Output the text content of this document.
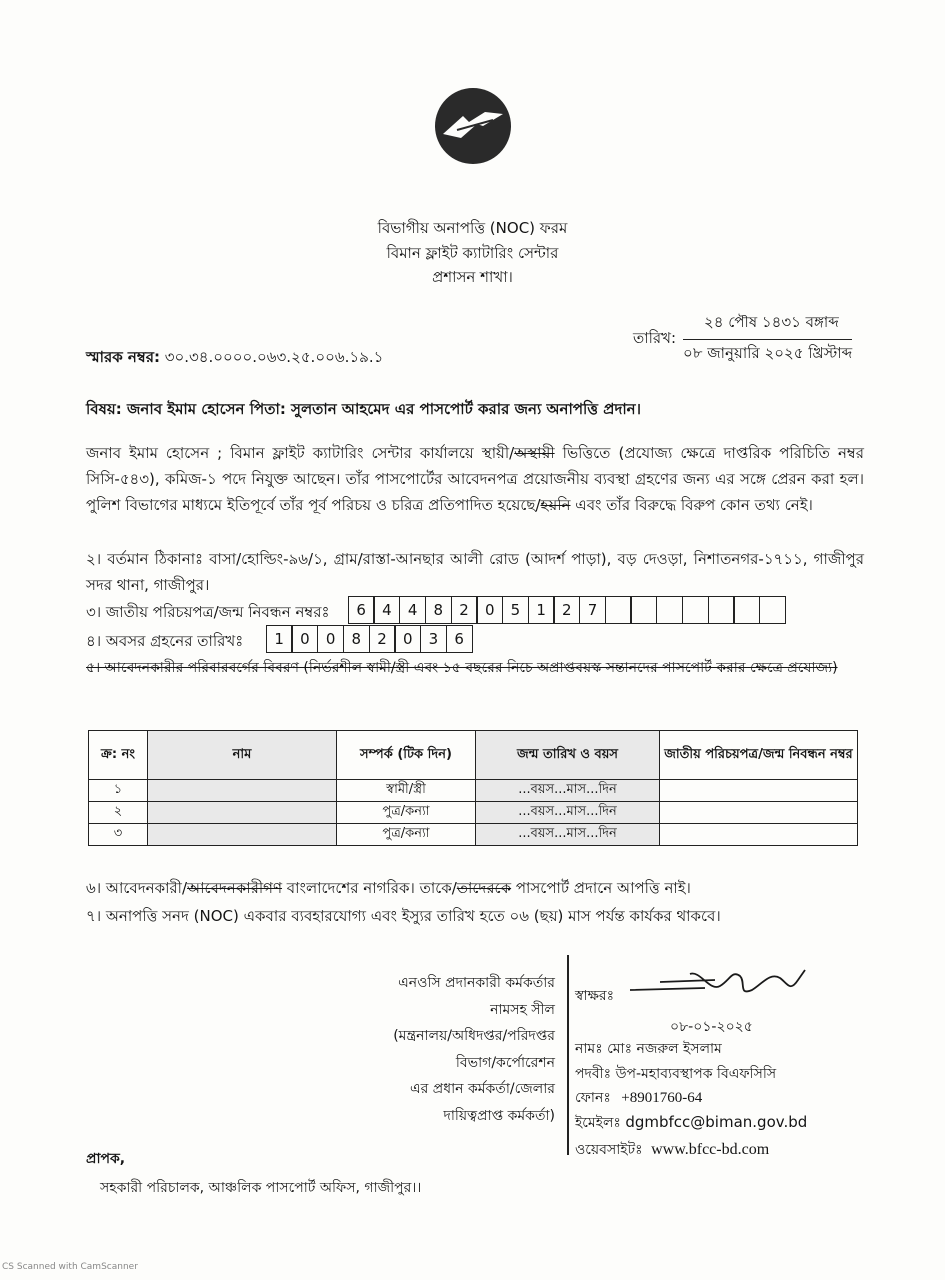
বিভাগীয় অনাপত্তি (NOC) ফরম
বিমান ফ্লাইট ক্যাটারিং সেন্টার
প্রশাসন শাখা।
২৪ পৌষ ১৪৩১ বঙ্গাব্দ
তারিখ:
০৮ জানুয়ারি ২০২৫ খ্রিস্টাব্দ
স্মারক নম্বর: ৩০.৩৪.০০০০.০৬৩.২৫.০০৬.১৯.১
বিষয়: জনাব ইমাম হোসেন পিতা: সুলতান আহমেদ এর পাসপোর্ট করার জন্য অনাপত্তি প্রদান।
জনাব ইমাম হোসেন ; বিমান ফ্লাইট ক্যাটারিং সেন্টার কার্যালয়ে স্থায়ী/অস্থায়ী ভিত্তিতে (প্রযোজ্য ক্ষেত্রে দাপ্তরিক পরিচিতি নম্বর সিসি-৫৪৩), কমিজ-১ পদে নিযুক্ত আছেন। তাঁর পাসপোর্টের আবেদনপত্র প্রয়োজনীয় ব্যবস্থা গ্রহণের জন্য এর সঙ্গে প্রেরন করা হল। পুলিশ বিভাগের মাধ্যমে ইতিপূর্বে তাঁর পূর্ব পরিচয় ও চরিত্র প্রতিপাদিত হয়েছে/হয়নি এবং তাঁর বিরুদ্ধে বিরুপ কোন তথ্য নেই।
২। বর্তমান ঠিকানাঃ বাসা/হোল্ডিং-৯৬/১, গ্রাম/রাস্তা-আনছার আলী রোড (আদর্শ পাড়া), বড় দেওড়া, নিশাতনগর-১৭১১, গাজীপুর সদর থানা, গাজীপুর।
৩। জাতীয় পরিচয়পত্র/জন্ম নিবন্ধন নম্বরঃ	6	4	4	8	2	0	5	1	2	7
৪। অবসর গ্রহনের তারিখঃ	1	0	0	8	2	0	3	6
৫। আবেদনকারীর পরিবারবর্গের বিবরণ (নির্ভরশীল স্বামী/স্ত্রী এবং ১৫ বছরের নিচে অপ্রাপ্তবয়স্ক সন্তানদের পাসপোর্ট করার ক্ষেত্রে প্রযোজ্য)
ক্র: নং	নাম	সম্পর্ক (টিক দিন)	জন্ম তারিখ ও বয়স	জাতীয় পরিচয়পত্র/জন্ম নিবন্ধন নম্বর
১		স্বামী/স্ত্রী	...বয়স...মাস...দিন	
২		পুত্র/কন্যা	...বয়স...মাস...দিন	
৩		পুত্র/কন্যা	...বয়স...মাস...দিন	
৬। আবেদনকারী/আবেদনকারীগণ বাংলাদেশের নাগরিক। তাকে/তাদেরকে পাসপোর্ট প্রদানে আপত্তি নাই।
৭। অনাপত্তি সনদ (NOC) একবার ব্যবহারযোগ্য এবং ইস্যুর তারিখ হতে ০৬ (ছয়) মাস পর্যন্ত কার্যকর থাকবে।
এনওসি প্রদানকারী কর্মকর্তার
নামসহ সীল
(মন্ত্রনালয়/অধিদপ্তর/পরিদপ্তর
বিভাগ/কর্পোরেশন
এর প্রধান কর্মকর্তা/জেলার
দায়িত্বপ্রাপ্ত কর্মকর্তা)
স্বাক্ষরঃ
০৮-০১-২০২৫
নামঃ মোঃ নজরুল ইসলাম
পদবীঃ উপ-মহাব্যবস্থাপক বিএফসিসি
ফোনঃ +8901760-64
ইমেইলঃ dgmbfcc@biman.gov.bd
ওয়েবসাইটঃ www.bfcc-bd.com
প্রাপক,
সহকারী পরিচালক, আঞ্চলিক পাসপোর্ট অফিস, গাজীপুর।।
CS Scanned with CamScanner
